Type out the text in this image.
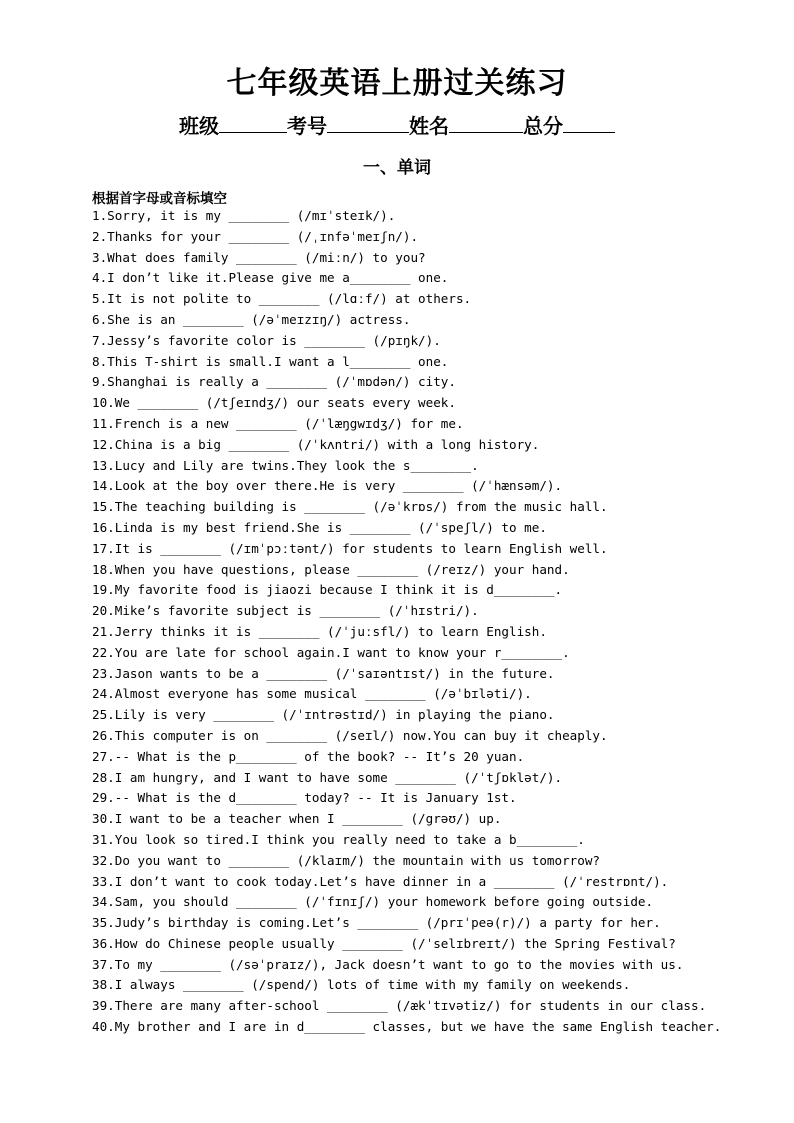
七年级英语上册过关练习
班级	考号	姓名	总分
一、单词
根据首字母或音标填空
1.Sorry, it is my ________ (/mɪˈsteɪk/).
2.Thanks for your ________ (/ˌɪnfəˈmeɪʃn/).
3.What does family ________ (/miːn/) to you?
4.I don’t like it.Please give me a________ one.
5.It is not polite to ________ (/lɑːf/) at others.
6.She is an ________ (/əˈmeɪzɪŋ/) actress.
7.Jessy’s favorite color is ________ (/pɪŋk/).
8.This T-shirt is small.I want a l________ one.
9.Shanghai is really a ________ (/ˈmɒdən/) city.
10.We ________ (/tʃeɪndʒ/) our seats every week.
11.French is a new ________ (/ˈlæŋgwɪdʒ/) for me.
12.China is a big ________ (/ˈkʌntri/) with a long history.
13.Lucy and Lily are twins.They look the s________.
14.Look at the boy over there.He is very ________ (/ˈhænsəm/).
15.The teaching building is ________ (/əˈkrɒs/) from the music hall.
16.Linda is my best friend.She is ________ (/ˈspeʃl/) to me.
17.It is ________ (/ɪmˈpɔːtənt/) for students to learn English well.
18.When you have questions, please ________ (/reɪz/) your hand.
19.My favorite food is jiaozi because I think it is d________.
20.Mike’s favorite subject is ________ (/ˈhɪstri/).
21.Jerry thinks it is ________ (/ˈjuːsfl/) to learn English.
22.You are late for school again.I want to know your r________.
23.Jason wants to be a ________ (/ˈsaɪəntɪst/) in the future.
24.Almost everyone has some musical ________ (/əˈbɪləti/).
25.Lily is very ________ (/ˈɪntrəstɪd/) in playing the piano.
26.This computer is on ________ (/seɪl/) now.You can buy it cheaply.
27.-- What is the p________ of the book? -- It’s 20 yuan.
28.I am hungry, and I want to have some ________ (/ˈtʃɒklət/).
29.-- What is the d________ today? -- It is January 1st.
30.I want to be a teacher when I ________ (/grəʊ/) up.
31.You look so tired.I think you really need to take a b________.
32.Do you want to ________ (/klaɪm/) the mountain with us tomorrow?
33.I don’t want to cook today.Let’s have dinner in a ________ (/ˈrestrɒnt/).
34.Sam, you should ________ (/ˈfɪnɪʃ/) your homework before going outside.
35.Judy’s birthday is coming.Let’s ________ (/prɪˈpeə(r)/) a party for her.
36.How do Chinese people usually ________ (/ˈselɪbreɪt/) the Spring Festival?
37.To my ________ (/səˈpraɪz/), Jack doesn’t want to go to the movies with us.
38.I always ________ (/spend/) lots of time with my family on weekends.
39.There are many after-school ________ (/ækˈtɪvətiz/) for students in our class.
40.My brother and I are in d________ classes, but we have the same English teacher.
